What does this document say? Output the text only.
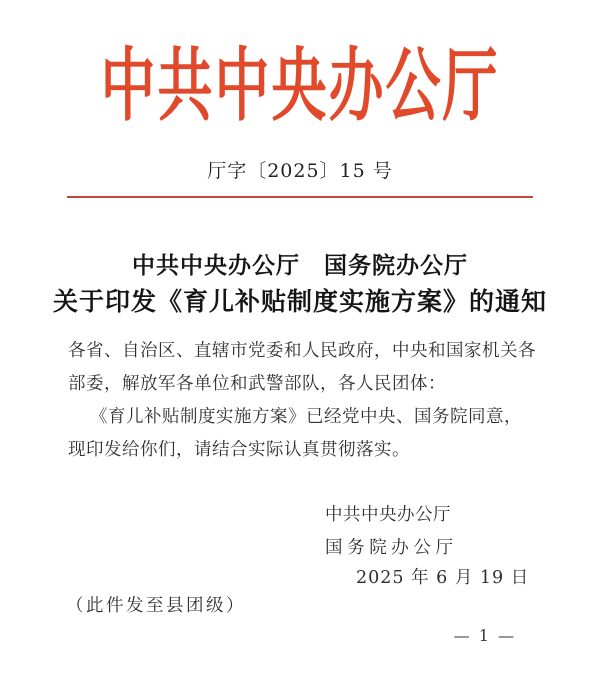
中共中央办公厅
厅字〔2025〕15 号
中共中央办公厅　国务院办公厅
关于印发《育儿补贴制度实施方案》的通知
各省、自治区、直辖市党委和人民政府，中央和国家机关各
部委，解放军各单位和武警部队，各人民团体：
《育儿补贴制度实施方案》已经党中央、国务院同意，
现印发给你们，请结合实际认真贯彻落实。
中共中央办公厅
国务院办公厅
2025 年 6 月 19 日
（此件发至县团级）
— 1 —
